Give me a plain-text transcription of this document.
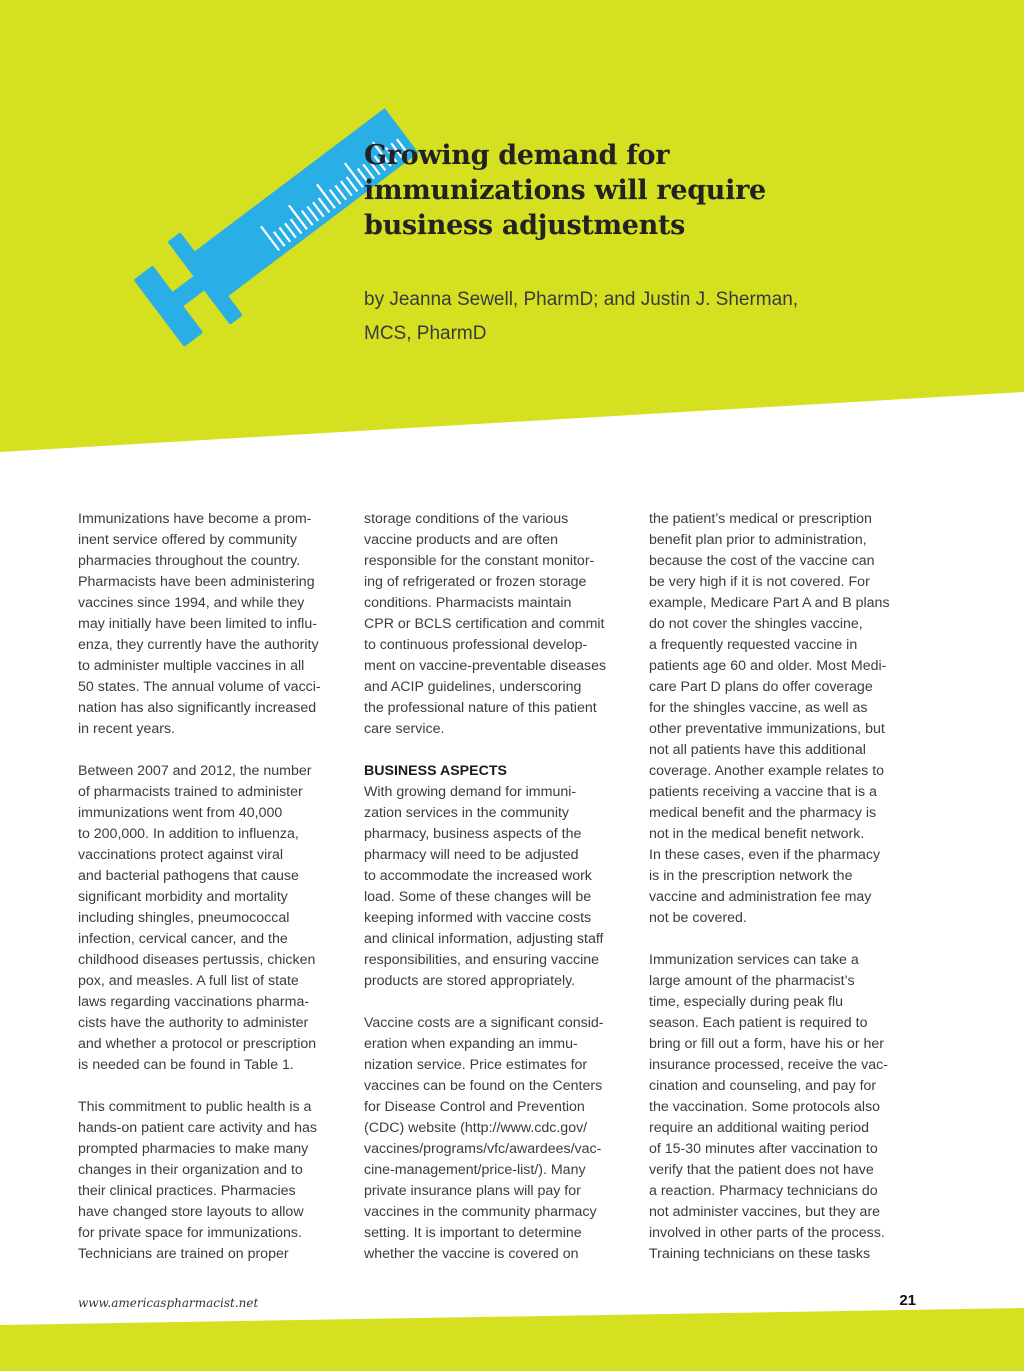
Growing demand for
immunizations will require
business adjustments
by Jeanna Sewell, PharmD; and Justin J. Sherman,
MCS, PharmD
Immunizations have become a prom-
inent service offered by community
pharmacies throughout the country.
Pharmacists have been administering
vaccines since 1994, and while they
may initially have been limited to influ-
enza, they currently have the authority
to administer multiple vaccines in all
50 states. The annual volume of vacci-
nation has also significantly increased
in recent years.
Between 2007 and 2012, the number
of pharmacists trained to administer
immunizations went from 40,000
to 200,000. In addition to influenza,
vaccinations protect against viral
and bacterial pathogens that cause
significant morbidity and mortality
including shingles, pneumococcal
infection, cervical cancer, and the
childhood diseases pertussis, chicken
pox, and measles. A full list of state
laws regarding vaccinations pharma-
cists have the authority to administer
and whether a protocol or prescription
is needed can be found in Table 1.
This commitment to public health is a
hands-on patient care activity and has
prompted pharmacies to make many
changes in their organization and to
their clinical practices. Pharmacies
have changed store layouts to allow
for private space for immunizations.
Technicians are trained on proper
storage conditions of the various
vaccine products and are often
responsible for the constant monitor-
ing of refrigerated or frozen storage
conditions. Pharmacists maintain
CPR or BCLS certification and commit
to continuous professional develop-
ment on vaccine-preventable diseases
and ACIP guidelines, underscoring
the professional nature of this patient
care service.
BUSINESS ASPECTS
With growing demand for immuni-
zation services in the community
pharmacy, business aspects of the
pharmacy will need to be adjusted
to accommodate the increased work
load. Some of these changes will be
keeping informed with vaccine costs
and clinical information, adjusting staff
responsibilities, and ensuring vaccine
products are stored appropriately.
Vaccine costs are a significant consid-
eration when expanding an immu-
nization service. Price estimates for
vaccines can be found on the Centers
for Disease Control and Prevention
(CDC) website (http://www.cdc.gov/
vaccines/programs/vfc/awardees/vac-
cine-management/price-list/). Many
private insurance plans will pay for
vaccines in the community pharmacy
setting. It is important to determine
whether the vaccine is covered on
the patient’s medical or prescription
benefit plan prior to administration,
because the cost of the vaccine can
be very high if it is not covered. For
example, Medicare Part A and B plans
do not cover the shingles vaccine,
a frequently requested vaccine in
patients age 60 and older. Most Medi-
care Part D plans do offer coverage
for the shingles vaccine, as well as
other preventative immunizations, but
not all patients have this additional
coverage. Another example relates to
patients receiving a vaccine that is a
medical benefit and the pharmacy is
not in the medical benefit network.
In these cases, even if the pharmacy
is in the prescription network the
vaccine and administration fee may
not be covered.
Immunization services can take a
large amount of the pharmacist’s
time, especially during peak flu
season. Each patient is required to
bring or fill out a form, have his or her
insurance processed, receive the vac-
cination and counseling, and pay for
the vaccination. Some protocols also
require an additional waiting period
of 15-30 minutes after vaccination to
verify that the patient does not have
a reaction. Pharmacy technicians do
not administer vaccines, but they are
involved in other parts of the process.
Training technicians on these tasks
www.americaspharmacist.net	21
